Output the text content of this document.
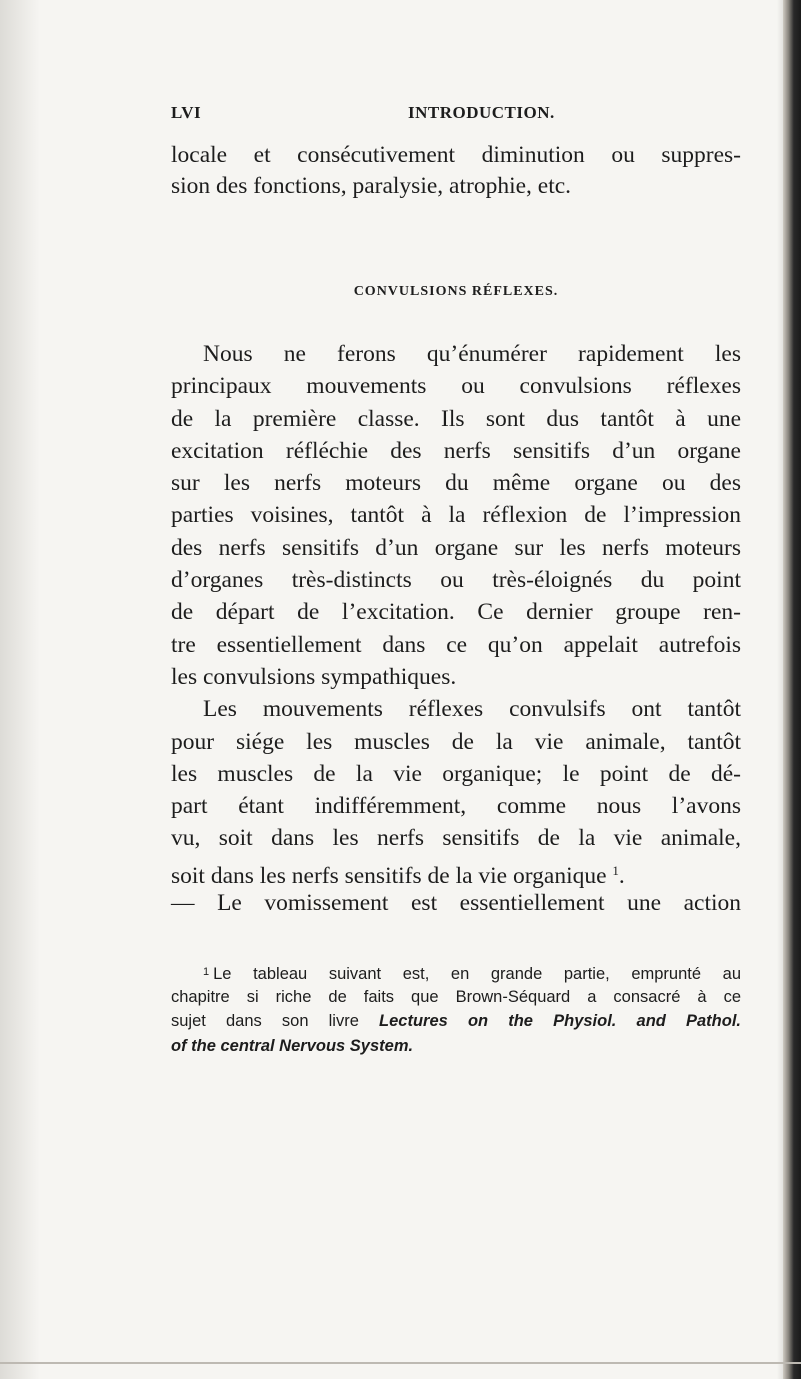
LVI	INTRODUCTION.
locale et consécutivement diminution ou suppres-
sion des fonctions, paralysie, atrophie, etc.
CONVULSIONS RÉFLEXES.
Nous ne ferons qu’énumérer rapidement les
principaux mouvements ou convulsions réflexes
de la première classe. Ils sont dus tantôt à une
excitation réfléchie des nerfs sensitifs d’un organe
sur les nerfs moteurs du même organe ou des
parties voisines, tantôt à la réflexion de l’impression
des nerfs sensitifs d’un organe sur les nerfs moteurs
d’organes très-distincts ou très-éloignés du point
de départ de l’excitation. Ce dernier groupe ren-
tre essentiellement dans ce qu’on appelait autrefois
les convulsions sympathiques.
Les mouvements réflexes convulsifs ont tantôt
pour siége les muscles de la vie animale, tantôt
les muscles de la vie organique; le point de dé-
part étant indifféremment, comme nous l’avons
vu, soit dans les nerfs sensitifs de la vie animale,
soit dans les nerfs sensitifs de la vie organique $^1$.
— Le vomissement est essentiellement une action
$^1$ Le tableau suivant est, en grande partie, emprunté au
chapitre si riche de faits que Brown-Séquard a consacré à ce
sujet dans son livre Lectures on the Physiol. and Pathol.
of the central Nervous System.
